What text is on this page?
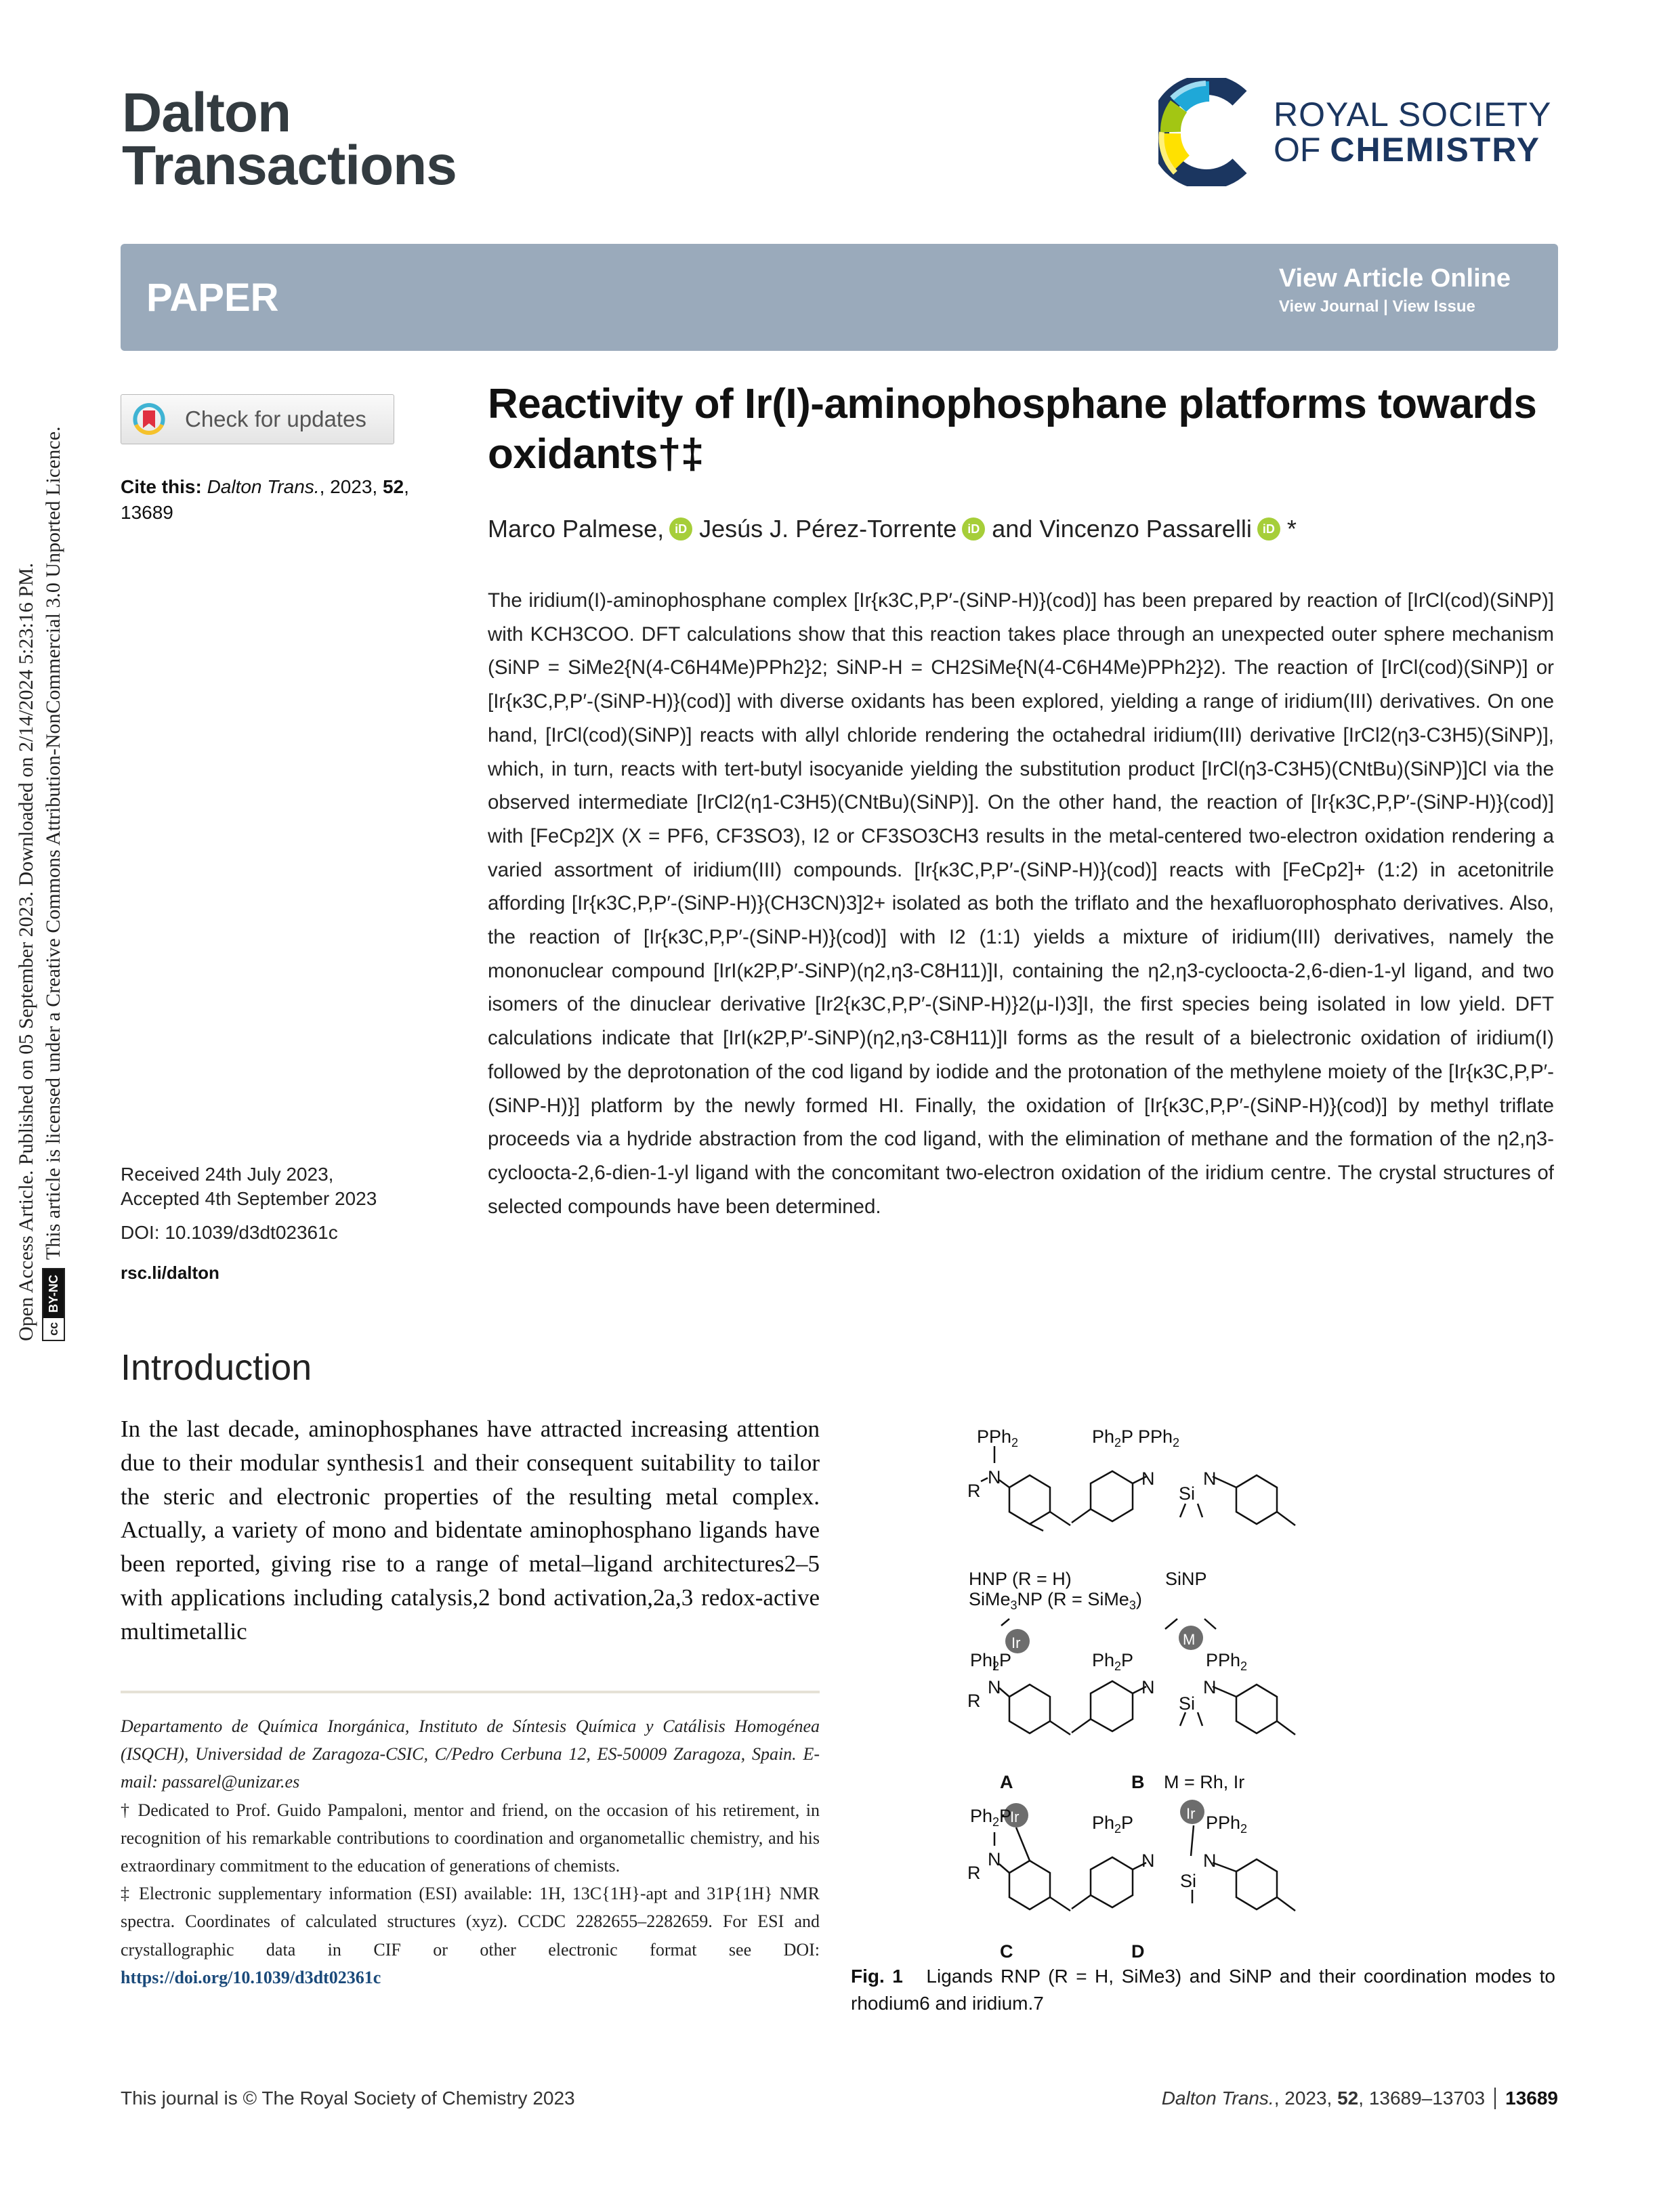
Open Access Article. Published on 05 September 2023. Downloaded on 2/14/2024 5:23:16 PM. cc
BY-NC
This article is licensed under a Creative Commons Attribution-NonCommercial 3.0 Unported Licence.
Dalton
Transactions
ROYAL SOCIETY
OF CHEMISTRY
PAPER	View Article Online
View Journal | View Issue
Check for updates
Cite this: Dalton Trans., 2023, 52, 13689
Received 24th July 2023,
Accepted 4th September 2023
DOI: 10.1039/d3dt02361c
rsc.li/dalton
Reactivity of Ir(I)-aminophosphane platforms towards oxidants†‡
Marco Palmese, iD Jesús J. Pérez-Torrente iD and Vincenzo Passarelli iD *

The iridium(I)-aminophosphane complex [Ir{κ3C,P,P′-(SiNP-H)}(cod)] has been prepared by reaction of [IrCl(cod)(SiNP)] with KCH3COO. DFT calculations show that this reaction takes place through an unexpected outer sphere mechanism (SiNP = SiMe2{N(4-C6H4Me)PPh2}2; SiNP-H = CH2SiMe{N(4-C6H4Me)PPh2}2). The reaction of [IrCl(cod)(SiNP)] or [Ir{κ3C,P,P′-(SiNP-H)}(cod)] with diverse oxidants has been explored, yielding a range of iridium(III) derivatives. On one hand, [IrCl(cod)(SiNP)] reacts with allyl chloride rendering the octahedral iridium(III) derivative [IrCl2(η3-C3H5)(SiNP)], which, in turn, reacts with tert-butyl isocyanide yielding the substitution product [IrCl(η3-C3H5)(CNtBu)(SiNP)]Cl via the observed intermediate [IrCl2(η1-C3H5)(CNtBu)(SiNP)]. On the other hand, the reaction of [Ir{κ3C,P,P′-(SiNP-H)}(cod)] with [FeCp2]X (X = PF6, CF3SO3), I2 or CF3SO3CH3 results in the metal-centered two-electron oxidation rendering a varied assortment of iridium(III) compounds. [Ir{κ3C,P,P′-(SiNP-H)}(cod)] reacts with [FeCp2]+ (1:2) in acetonitrile affording [Ir{κ3C,P,P′-(SiNP-H)}(CH3CN)3]2+ isolated as both the triflato and the hexafluorophosphato derivatives. Also, the reaction of [Ir{κ3C,P,P′-(SiNP-H)}(cod)] with I2 (1:1) yields a mixture of iridium(III) derivatives, namely the mononuclear compound [IrI(κ2P,P′-SiNP)(η2,η3-C8H11)]I, containing the η2,η3-cycloocta-2,6-dien-1-yl ligand, and two isomers of the dinuclear derivative [Ir2{κ3C,P,P′-(SiNP-H)}2(μ-I)3]I, the first species being isolated in low yield. DFT calculations indicate that [IrI(κ2P,P′-SiNP)(η2,η3-C8H11)]I forms as the result of a bielectronic oxidation of iridium(I) followed by the deprotonation of the cod ligand by iodide and the protonation of the methylene moiety of the [Ir{κ3C,P,P′-(SiNP-H)}] platform by the newly formed HI. Finally, the oxidation of [Ir{κ3C,P,P′-(SiNP-H)}(cod)] by methyl triflate proceeds via a hydride abstraction from the cod ligand, with the elimination of methane and the formation of the η2,η3-cycloocta-2,6-dien-1-yl ligand with the concomitant two-electron oxidation of the iridium centre. The crystal structures of selected compounds have been determined.

Introduction

In the last decade, aminophosphanes have attracted increasing attention due to their modular synthesis1 and their consequent suitability to tailor the steric and electronic properties of the resulting metal complex. Actually, a variety of mono and bidentate aminophosphano ligands have been reported, giving rise to a range of metal–ligand architectures2–5 with applications including catalysis,2 bond activation,2a,3 redox-active multimetallic

Departamento de Química Inorgánica, Instituto de Síntesis Química y Catálisis Homogénea (ISQCH), Universidad de Zaragoza-CSIC, C/Pedro Cerbuna 12, ES-50009 Zaragoza, Spain. E-mail: passarel@unizar.es

† Dedicated to Prof. Guido Pampaloni, mentor and friend, on the occasion of his retirement, in recognition of his remarkable contributions to coordination and organometallic chemistry, and his extraordinary commitment to the education of generations of chemists.

‡ Electronic supplementary information (ESI) available: 1H, 13C{1H}-apt and 31P{1H} NMR spectra. Coordinates of calculated structures (xyz). CCDC 2282655–2282659. For ESI and crystallographic data in CIF or other electronic format see DOI: https://doi.org/10.1039/d3dt02361c

PPh$_2$
N
R
$Ph_2P$ PPh$_2$
N
Si
N
HNP (R = H)
SiMe$_3$NP (R = SiMe$_3$)
SiNP
Ir
$Ph_2P$
N
R
M
$Ph_2P$	PPh$_2$
N
Si
N
A	B M = Rh, Ir
Ir
$Ph_2P$
N
R
Ir
$Ph_2P$	PPh$_2$
N
Si
N
C	D
Fig. 1 Ligands RNP (R = H, SiMe3) and SiNP and their coordination modes to rhodium6 and iridium.7
This journal is © The Royal Society of Chemistry 2023	Dalton Trans., 2023, 52, 13689–13703 13689
